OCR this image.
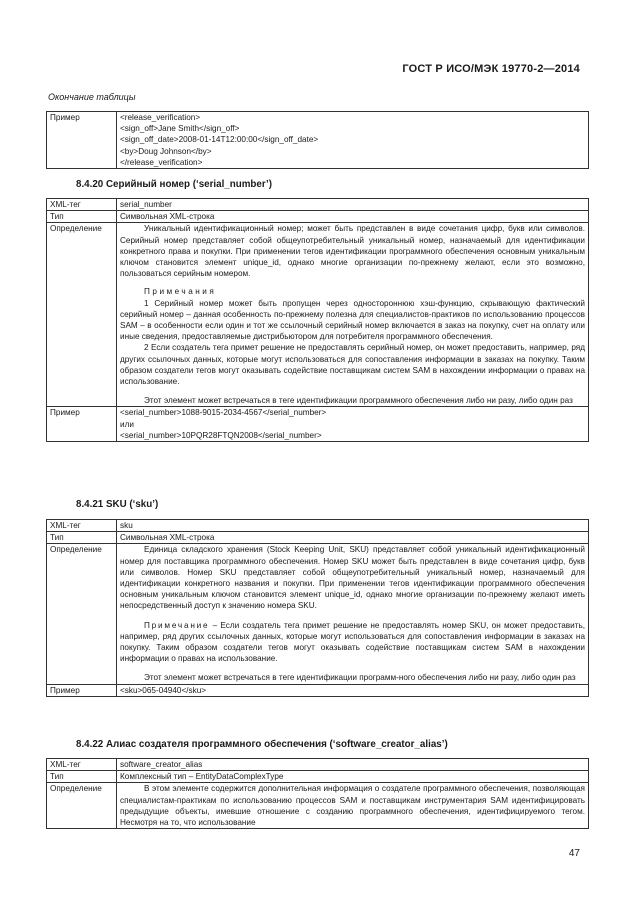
ГОСТ Р ИСО/МЭК 19770-2—2014
Окончание таблицы
Пример	<release_verification>
<sign_off>Jane Smith</sign_off>
<sign_off_date>2008-01-14T12:00:00</sign_off_date>
<by>Doug Johnson</by>
</release_verification>
8.4.20 Серийный номер (‘serial_number’)
XML-тег	serial_number
Тип	Символьная XML-строка
Определение	Уникальный идентификационный номер; может быть представлен в виде сочетания цифр, букв или символов. Серийный номер представляет собой общеупотребительный уникальный номер, назначаемый для идентификации конкретного права и покупки. При применении тегов идентификации программного обеспечения основным уникальным ключом становится элемент unique_id, однако многие организации по-прежнему желают, если это возможно, пользоваться серийным номером.

Примечания

1 Серийный номер может быть пропущен через одностороннюю хэш-функцию, скрывающую фактический серийный номер – данная особенность по-прежнему полезна для специалистов-практиков по использованию процессов SAM – в особенности если один и тот же ссылочный серийный номер включается в заказ на покупку, счет на оплату или иные сведения, предоставляемые дистрибьютором для потребителя программного обеспечения.

2 Если создатель тега примет решение не предоставлять серийный номер, он может предоставить, например, ряд других ссылочных данных, которые могут использоваться для сопоставления информации в заказах на покупку. Таким образом создатели тегов могут оказывать содействие поставщикам систем SAM в нахождении информации о правах на использование.

Этот элемент может встречаться в теге идентификации программного обеспечения либо ни разу, либо один раз

Пример	<serial_number>1088-9015-2034-4567</serial_number>
или
<serial_number>10PQR28FTQN2008</serial_number>
8.4.21 SKU (‘sku’)
XML-тег	sku
Тип	Символьная XML-строка
Определение	Единица складского хранения (Stock Keeping Unit, SKU) представляет собой уникальный идентификационный номер для поставщика программного обеспечения. Номер SKU может быть представлен в виде сочетания цифр, букв или символов. Номер SKU представляет собой общеупотребительный уникальный номер, назначаемый для идентификации конкретного названия и покупки. При применении тегов идентификации программного обеспечения основным уникальным ключом становится элемент unique_id, однако многие организации по-прежнему желают иметь непосредственный доступ к значению номера SKU.

Примечание – Если создатель тега примет решение не предоставлять номер SKU, он может предоставить, например, ряд других ссылочных данных, которые могут использоваться для сопоставления информации в заказах на покупку. Таким образом создатели тегов могут оказывать содействие поставщикам систем SAM в нахождении информации о правах на использование.

Этот элемент может встречаться в теге идентификации программ-ного обеспечения либо ни разу, либо один раз

Пример	<sku>065-04940</sku>
8.4.22 Алиас создателя программного обеспечения (‘software_creator_alias’)
XML-тег	software_creator_alias
Тип	Комплексный тип – EntityDataComplexType
Определение	В этом элементе содержится дополнительная информация о создателе программного обеспечения, позволяющая специалистам-практикам по использованию процессов SAM и поставщикам инструментария SAM идентифицировать предыдущие объекты, имевшие отношение с созданию программного обеспечения, идентифицируемого тегом. Несмотря на то, что использование

47
